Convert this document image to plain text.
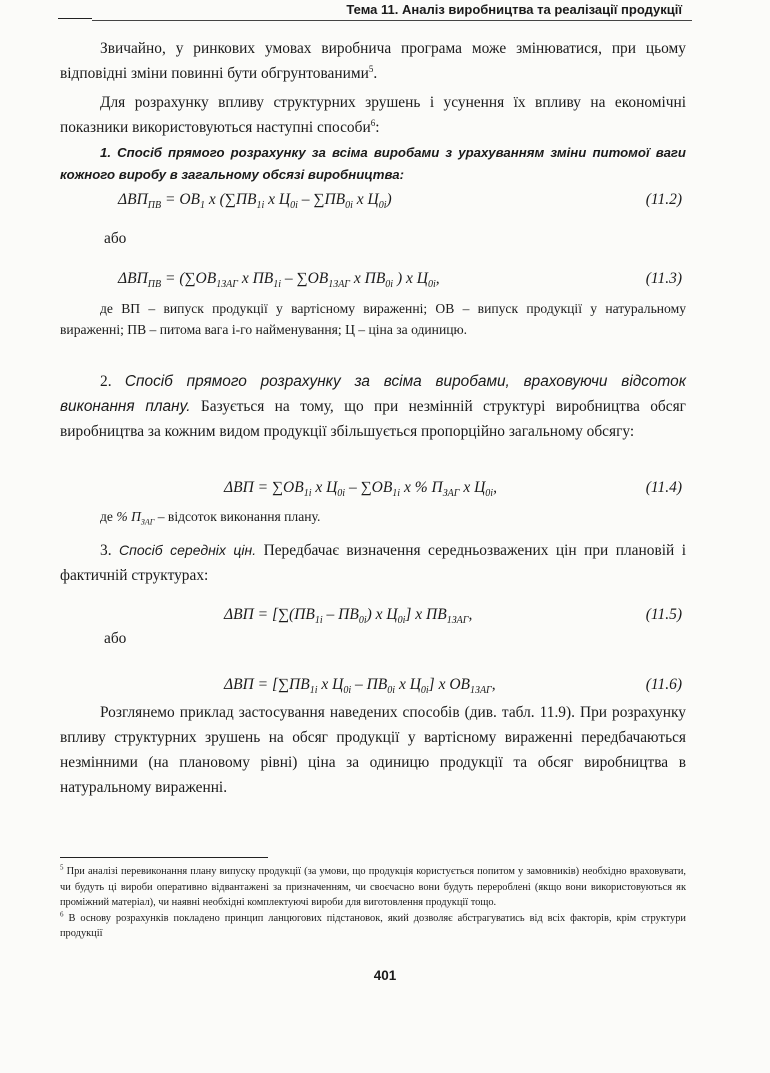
Тема 11. Аналіз виробництва та реалізації продукції

Звичайно, у ринкових умовах виробнича програма може змінюватися, при цьому відповідні зміни повинні бути обгрунтованими$^5$.

Для розрахунку впливу структурних зрушень і усунення їх впливу на економічні показники використовуються наступні способи$^6$:

1. Спосіб прямого розрахунку за всіма виробами з урахуванням зміни питомої ваги кожного виробу в загальному обсязі виробництва:

$\Delta ВП_{ПВ} = ОВ_1$ x ($\sum ПВ_{1i}$ x $Ц_{0i} - \sum ПВ_{0i}$ x $Ц_{0i}$)	(11.2)
або
$\Delta ВП_{ПВ} = (\sum ОВ_{1ЗАГ}$ x $ПВ_{1i} - \sum ОВ_{1ЗАГ}$ x $ПВ_{0i}$ ) x $Ц_{0i}$,	(11.3)

де ВП – випуск продукції у вартісному вираженні; ОВ – випуск продукції у натуральному вираженні; ПВ – питома вага і-го найменування; Ц – ціна за одиницю.

2. Спосіб прямого розрахунку за всіма виробами, враховуючи відсоток виконання плану. Базується на тому, що при незмінній структурі виробництва обсяг виробництва за кожним видом продукції збільшується пропорційно загальному обсягу:

$\Delta ВП = \sum ОВ_{1i}$ x $Ц_{0i} - \sum ОВ_{1i}$ x % $П_{ЗАГ}$ x $Ц_{0i}$,	(11.4)

де % $П_{ЗАГ}$ – відсоток виконання плану.

3. Спосіб середніх цін. Передбачає визначення середньозважених цін при плановій і фактичній структурах:

$\Delta ВП = [\sum(ПВ_{1i} - ПВ_{0i})$ x $Ц_{0i}$] x $ПВ_{1ЗАГ}$,	(11.5)
або
$\Delta ВП = [\sum ПВ_{1i}$ x $Ц_{0i} - ПВ_{0i}$ x $Ц_{0i}$] x $ОВ_{1ЗАГ}$,	(11.6)

Розглянемо приклад застосування наведених способів (див. табл. 11.9). При розрахунку впливу структурних зрушень на обсяг продукції у вартісному вираженні передбачаються незмінними (на плановому рівні) ціна за одиницю продукції та обсяг виробництва в натуральному вираженні.

$^5$ При аналізі перевиконання плану випуску продукції (за умови, що продукція користується попитом у замовників) необхідно враховувати, чи будуть ці вироби оперативно відвантажені за призначенням, чи своєчасно вони будуть перероблені (якщо вони використовуються як проміжний матеріал), чи наявні необхідні комплектуючі вироби для виготовлення продукції тощо.

$^6$ В основу розрахунків покладено принцип ланцюгових підстановок, який дозволяє абстрагуватись від всіх факторів, крім структури продукції

401
